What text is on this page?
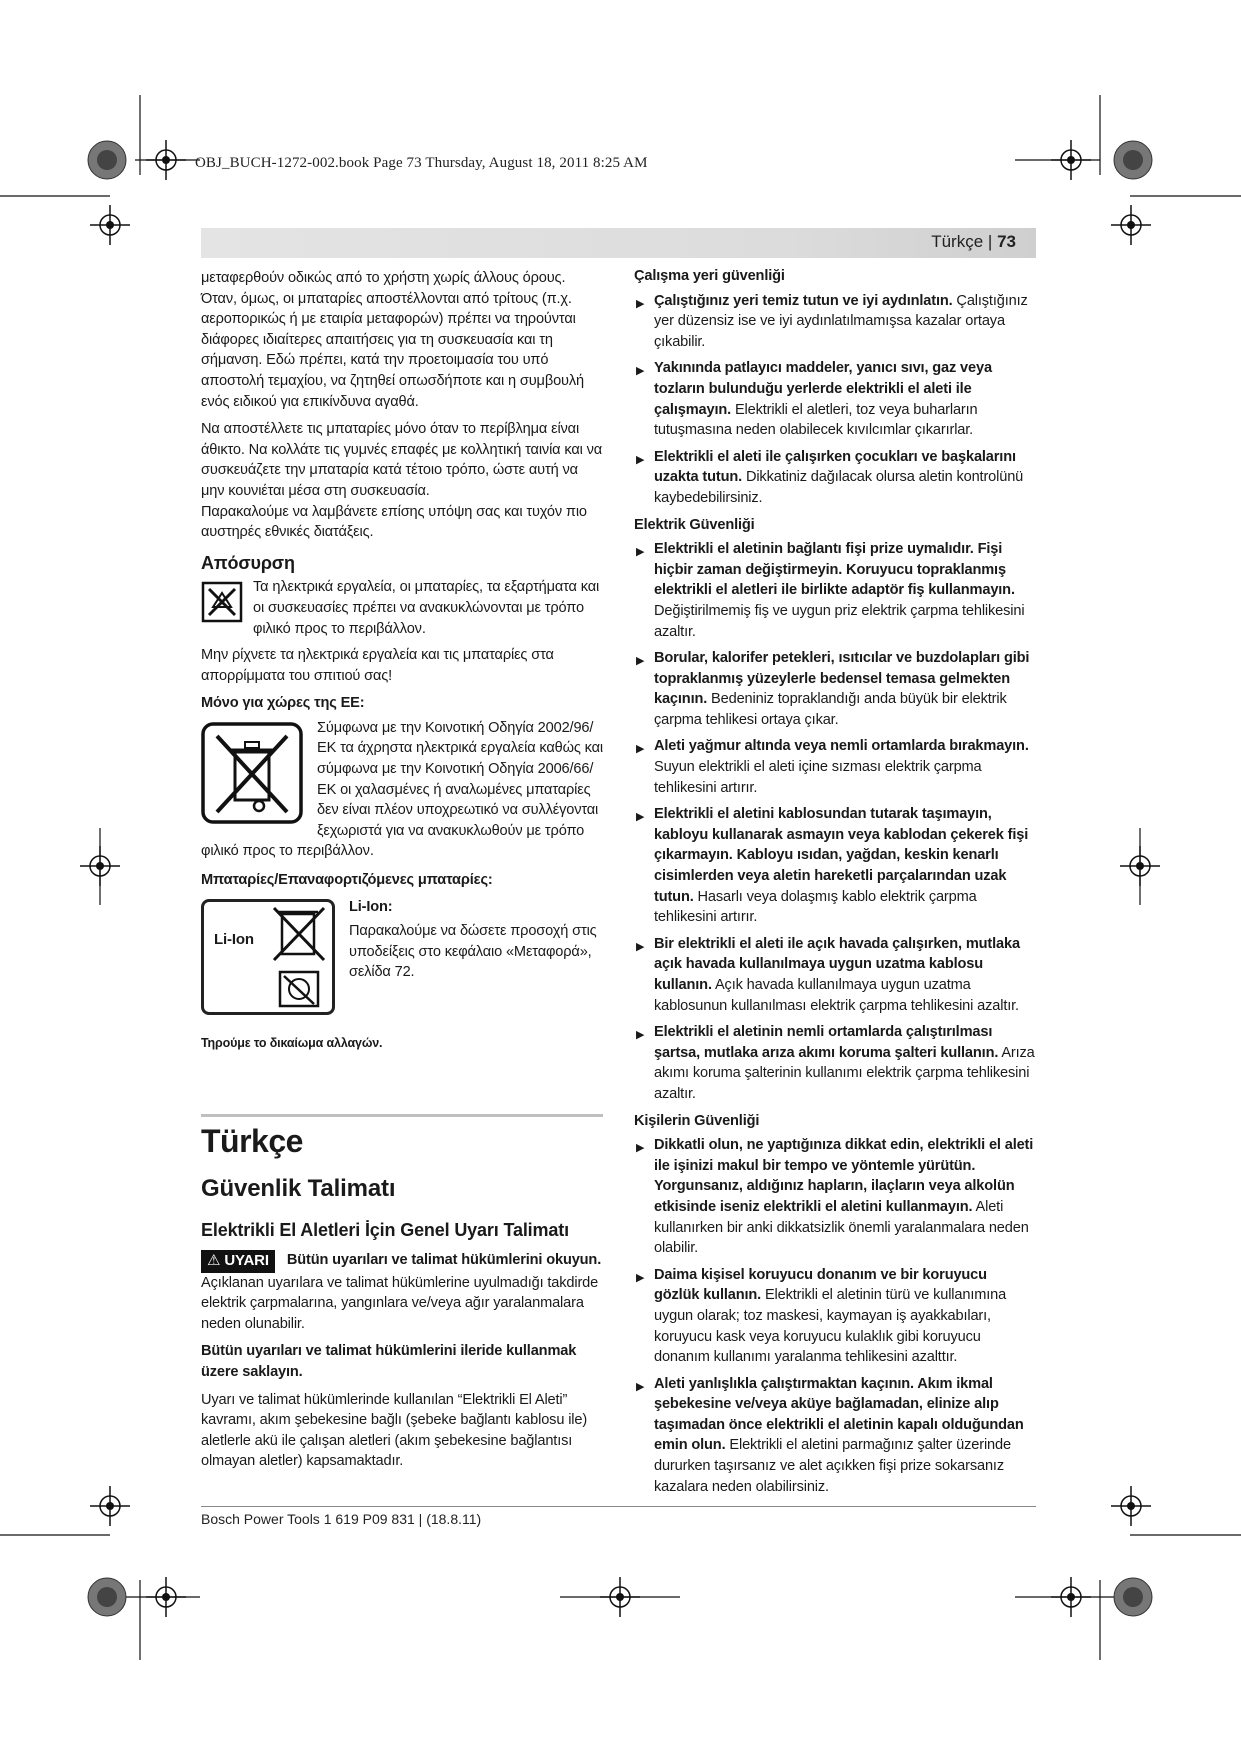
OBJ_BUCH-1272-002.book Page 73 Thursday, August 18, 2011 8:25 AM
Türkçe | 73

μεταφερθούν οδικώς από το χρήστη χωρίς άλλους όρους. Όταν, όμως, οι μπαταρίες αποστέλλονται από τρίτους (π.χ. αεροπορικώς ή με εταιρία μεταφορών) πρέπει να τηρούνται διάφορες ιδιαίτερες απαιτήσεις για τη συσκευασία και τη σήμανση. Εδώ πρέπει, κατά την προετοιμασία του υπό αποστολή τεμαχίου, να ζητηθεί οπωσδήποτε και η συμβουλή ενός ειδικού για επικίνδυνα αγαθά.

Να αποστέλλετε τις μπαταρίες μόνο όταν το περίβλημα είναι άθικτο. Να κολλάτε τις γυμνές επαφές με κολλητική ταινία και να συσκευάζετε την μπαταρία κατά τέτοιο τρόπο, ώστε αυτή να μην κουνιέται μέσα στη συσκευασία.

Παρακαλούμε να λαμβάνετε επίσης υπόψη σας και τυχόν πιο αυστηρές εθνικές διατάξεις.

Απόσυρση
Τα ηλεκτρικά εργαλεία, οι μπαταρίες, τα εξαρτήματα και οι συσκευασίες πρέπει να ανακυκλώνονται με τρόπο φιλικό προς το περιβάλλον.

Μην ρίχνετε τα ηλεκτρικά εργαλεία και τις μπαταρίες στα απορρίμματα του σπιτιού σας!

Μόνο για χώρες της ΕΕ:
Σύμφωνα με την Κοινοτική Οδηγία 2002/96/ΕΚ τα άχρηστα ηλεκτρικά εργαλεία καθώς και σύμφωνα με την Κοινοτική Οδηγία 2006/66/ΕΚ οι χαλασμένες ή αναλωμένες μπαταρίες δεν είναι πλέον υποχρεωτικό να συλλέγονται ξεχωριστά για να ανακυκλωθούν με τρόπο φιλικό προς το περιβάλλον.
Μπαταρίες/Επαναφορτιζόμενες μπαταρίες:
Li-Ion
Li-Ion:
Παρακαλούμε να δώσετε προσοχή στις υποδείξεις στο κεφάλαιο «Μεταφορά», σελίδα 72.

Τηρούμε το δικαίωμα αλλαγών.

Türkçe
Güvenlik Talimatı
Elektrikli El Aletleri İçin Genel Uyarı Talimatı
⚠ UYARI Bütün uyarıları ve talimat hükümlerini okuyun. Açıklanan uyarılara ve talimat hükümlerine uyulmadığı takdirde elektrik çarpmalarına, yangınlara ve/veya ağır yaralanmalara neden olunabilir.

Bütün uyarıları ve talimat hükümlerini ileride kullanmak üzere saklayın.

Uyarı ve talimat hükümlerinde kullanılan “Elektrikli El Aleti” kavramı, akım şebekesine bağlı (şebeke bağlantı kablosu ile) aletlerle akü ile çalışan aletleri (akım şebekesine bağlantısı olmayan aletler) kapsamaktadır.

Çalışma yeri güvenliği
▶ Çalıştığınız yeri temiz tutun ve iyi aydınlatın. Çalıştığınız yer düzensiz ise ve iyi aydınlatılmamışsa kazalar ortaya çıkabilir.
▶ Yakınında patlayıcı maddeler, yanıcı sıvı, gaz veya tozların bulunduğu yerlerde elektrikli el aleti ile çalışmayın. Elektrikli el aletleri, toz veya buharların tutuşmasına neden olabilecek kıvılcımlar çıkarırlar.
▶ Elektrikli el aleti ile çalışırken çocukları ve başkalarını uzakta tutun. Dikkatiniz dağılacak olursa aletin kontrolünü kaybedebilirsiniz.
Elektrik Güvenliği
▶ Elektrikli el aletinin bağlantı fişi prize uymalıdır. Fişi hiçbir zaman değiştirmeyin. Koruyucu topraklanmış elektrikli el aletleri ile birlikte adaptör fiş kullanmayın. Değiştirilmemiş fiş ve uygun priz elektrik çarpma tehlikesini azaltır.
▶ Borular, kalorifer petekleri, ısıtıcılar ve buzdolapları gibi topraklanmış yüzeylerle bedensel temasa gelmekten kaçının. Bedeniniz topraklandığı anda büyük bir elektrik çarpma tehlikesi ortaya çıkar.
▶ Aleti yağmur altında veya nemli ortamlarda bırakmayın. Suyun elektrikli el aleti içine sızması elektrik çarpma tehlikesini artırır.
▶ Elektrikli el aletini kablosundan tutarak taşımayın, kabloyu kullanarak asmayın veya kablodan çekerek fişi çıkarmayın. Kabloyu ısıdan, yağdan, keskin kenarlı cisimlerden veya aletin hareketli parçalarından uzak tutun. Hasarlı veya dolaşmış kablo elektrik çarpma tehlikesini artırır.
▶ Bir elektrikli el aleti ile açık havada çalışırken, mutlaka açık havada kullanılmaya uygun uzatma kablosu kullanın. Açık havada kullanılmaya uygun uzatma kablosunun kullanılması elektrik çarpma tehlikesini azaltır.
▶ Elektrikli el aletinin nemli ortamlarda çalıştırılması şartsa, mutlaka arıza akımı koruma şalteri kullanın. Arıza akımı koruma şalterinin kullanımı elektrik çarpma tehlikesini azaltır.
Kişilerin Güvenliği
▶ Dikkatli olun, ne yaptığınıza dikkat edin, elektrikli el aleti ile işinizi makul bir tempo ve yöntemle yürütün. Yorgunsanız, aldığınız hapların, ilaçların veya alkolün etkisinde iseniz elektrikli el aletini kullanmayın. Aleti kullanırken bir anki dikkatsizlik önemli yaralanmalara neden olabilir.
▶ Daima kişisel koruyucu donanım ve bir koruyucu gözlük kullanın. Elektrikli el aletinin türü ve kullanımına uygun olarak; toz maskesi, kaymayan iş ayakkabıları, koruyucu kask veya koruyucu kulaklık gibi koruyucu donanım kullanımı yaralanma tehlikesini azalttır.
▶ Aleti yanlışlıkla çalıştırmaktan kaçının. Akım ikmal şebekesine ve/veya aküye bağlamadan, elinize alıp taşımadan önce elektrikli el aletinin kapalı olduğundan emin olun. Elektrikli el aletini parmağınız şalter üzerinde dururken taşırsanız ve alet açıkken fişi prize sokarsanız kazalara neden olabilirsiniz.
Bosch Power Tools 1 619 P09 831 | (18.8.11)
